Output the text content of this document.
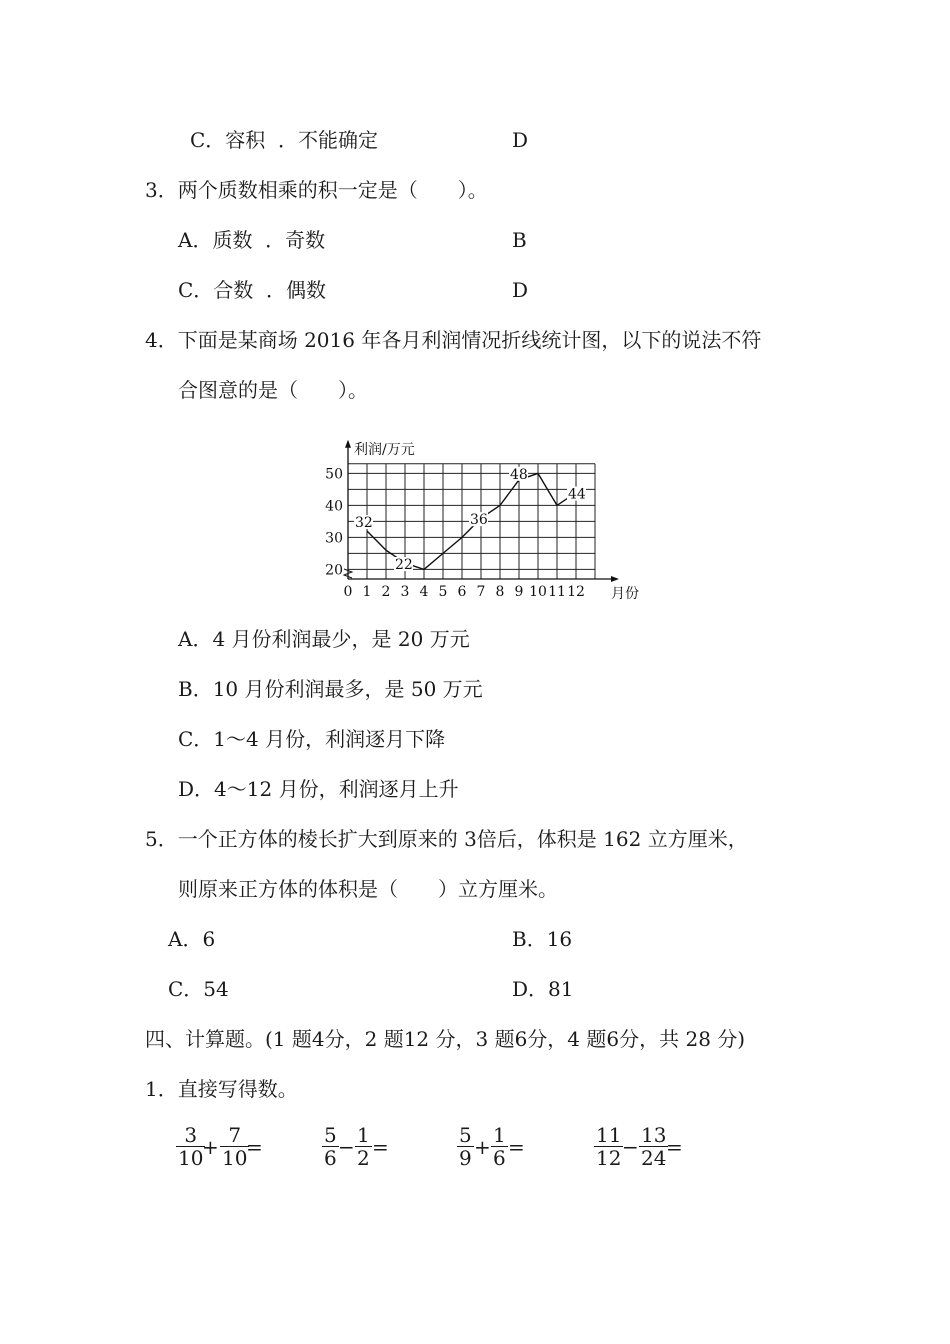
C．容积  ．不能确定	D
3．两个质数相乘的积一定是（　　）。
A．质数  ．奇数	B
C．合数  ．偶数	D
4．下面是某商场 2016 年各月利润情况折线统计图，以下的说法不符
合图意的是（　　）。
20
30
40
50
0 1 2 3 4 5 6 7 8 9 10 11 12
利润/万元
月份
32
22
36
48
44
A．4 月份利润最少，是 20 万元
B．10 月份利润最多，是 50 万元
C．1～4 月份，利润逐月下降
D．4～12 月份，利润逐月上升
5．一个正方体的棱长扩大到原来的 3倍后，体积是 162 立方厘米，
则原来正方体的体积是（　　）立方厘米。
A．6	B．16
C．54	D．81
四、计算题。(1 题4分，2 题12 分，3 题6分，4 题6分，共 28 分)
1．直接写得数。
$\frac{3}{10}$
+ $\frac{7}{10}$
=	$\frac{5}{6} - \frac{1}{2}$ =	$\frac{5}{9} + \frac{1}{6}$ =	$\frac{11}{12}$
− $\frac{13}{24}$
=
